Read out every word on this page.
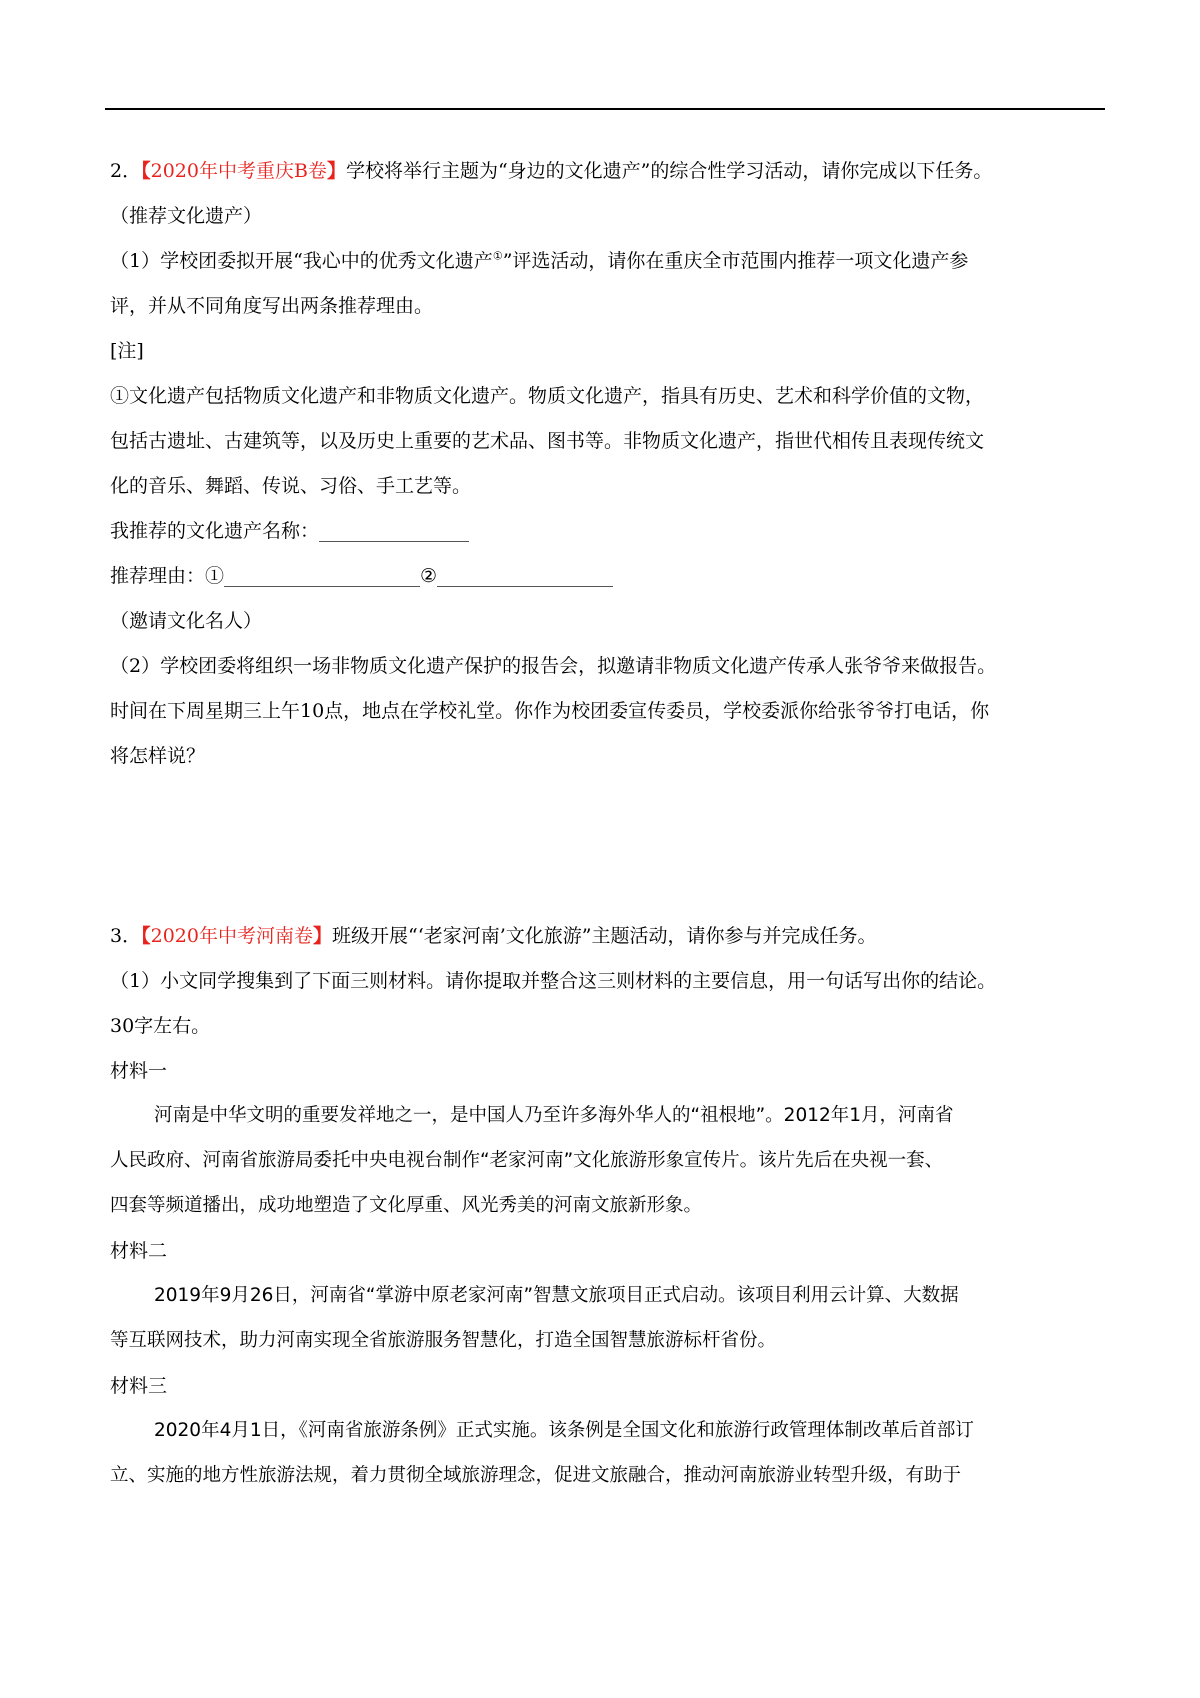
2．【2020年中考重庆B卷】学校将举行主题为“身边的文化遗产”的综合性学习活动，请你完成以下任务。
（推荐文化遗产）
（1）学校团委拟开展“我心中的优秀文化遗产①”评选活动，请你在重庆全市范围内推荐一项文化遗产参
评，并从不同角度写出两条推荐理由。
[注]
①文化遗产包括物质文化遗产和非物质文化遗产。物质文化遗产，指具有历史、艺术和科学价值的文物，
包括古遗址、古建筑等，以及历史上重要的艺术品、图书等。非物质文化遗产，指世代相传且表现传统文
化的音乐、舞蹈、传说、习俗、手工艺等。
我推荐的文化遗产名称：
推荐理由：①	②
（邀请文化名人）
（2）学校团委将组织一场非物质文化遗产保护的报告会，拟邀请非物质文化遗产传承人张爷爷来做报告。
时间在下周星期三上午10点，地点在学校礼堂。你作为校团委宣传委员，学校委派你给张爷爷打电话，你
将怎样说？
3．【2020年中考河南卷】班级开展“‘老家河南’文化旅游”主题活动，请你参与并完成任务。
（1）小文同学搜集到了下面三则材料。请你提取并整合这三则材料的主要信息，用一句话写出你的结论。
30字左右。
材料一
河南是中华文明的重要发祥地之一，是中国人乃至许多海外华人的“祖根地”。2012年1月，河南省
人民政府、河南省旅游局委托中央电视台制作“老家河南”文化旅游形象宣传片。该片先后在央视一套、
四套等频道播出，成功地塑造了文化厚重、风光秀美的河南文旅新形象。
材料二
2019年9月26日，河南省“掌游中原老家河南”智慧文旅项目正式启动。该项目利用云计算、大数据
等互联网技术，助力河南实现全省旅游服务智慧化，打造全国智慧旅游标杆省份。
材料三
2020年4月1日，《河南省旅游条例》正式实施。该条例是全国文化和旅游行政管理体制改革后首部订
立、实施的地方性旅游法规，着力贯彻全域旅游理念，促进文旅融合，推动河南旅游业转型升级，有助于
